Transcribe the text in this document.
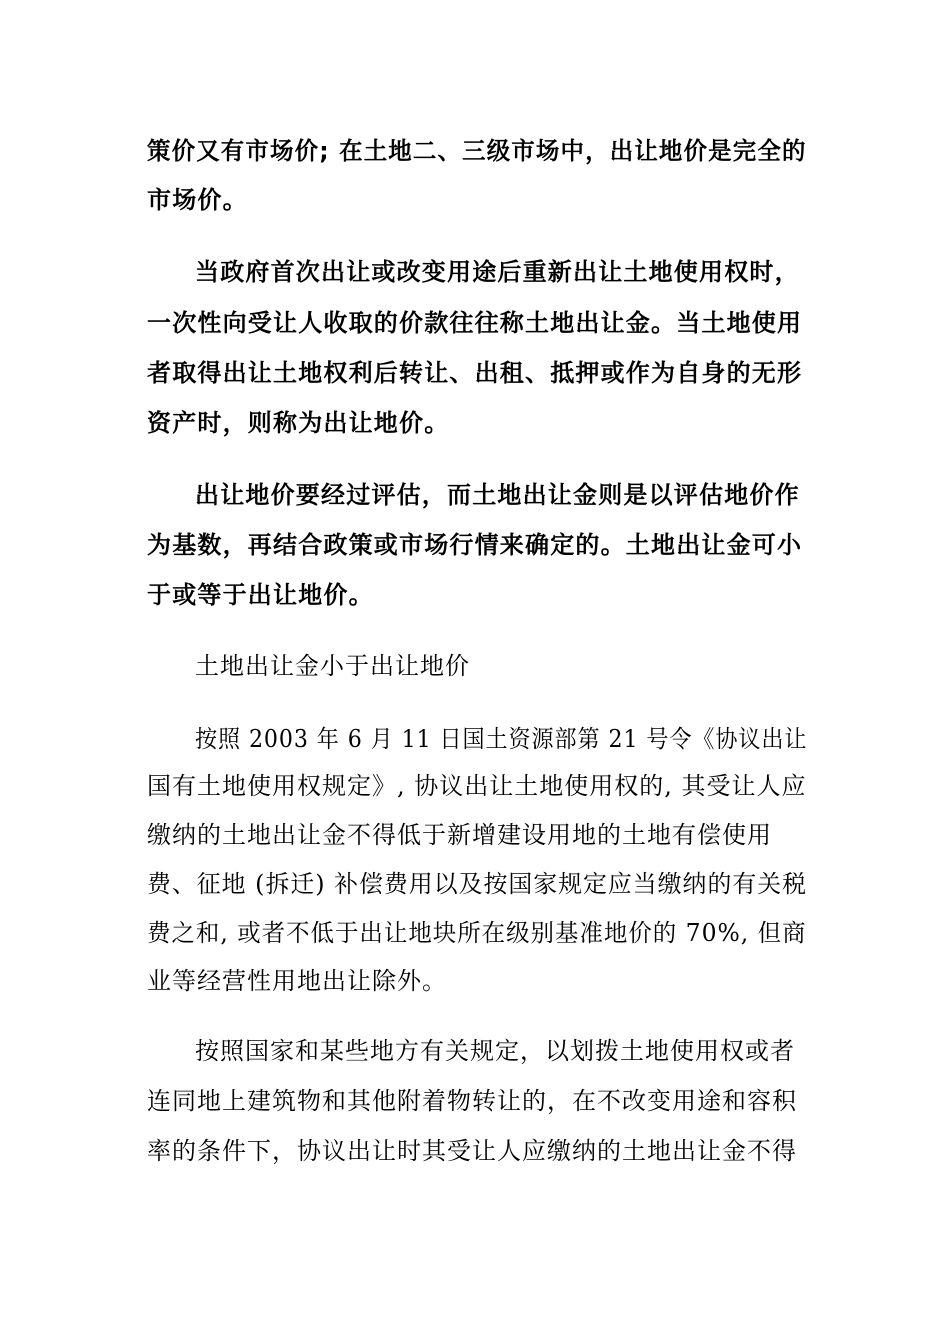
策价又有市场价; 在土地二、三级市场中，出让地价是完全的
市场价。
当政府首次出让或改变用途后重新出让土地使用权时，
一次性向受让人收取的价款往往称土地出让金。当土地使用
者取得出让土地权利后转让、出租、抵押或作为自身的无形
资产时，则称为出让地价。
出让地价要经过评估，而土地出让金则是以评估地价作
为基数，再结合政策或市场行情来确定的。土地出让金可小
于或等于出让地价。
土地出让金小于出让地价
按照 2003 年 6 月 11 日国土资源部第 21 号令《协议出让
国有土地使用权规定》, 协议出让土地使用权的, 其受让人应
缴纳的土地出让金不得低于新增建设用地的土地有偿使用
费、征地 (拆迁) 补偿费用以及按国家规定应当缴纳的有关税
费之和, 或者不低于出让地块所在级别基准地价的 70%, 但商
业等经营性用地出让除外。
按照国家和某些地方有关规定，以划拨土地使用权或者
连同地上建筑物和其他附着物转让的，在不改变用途和容积
率的条件下，协议出让时其受让人应缴纳的土地出让金不得
